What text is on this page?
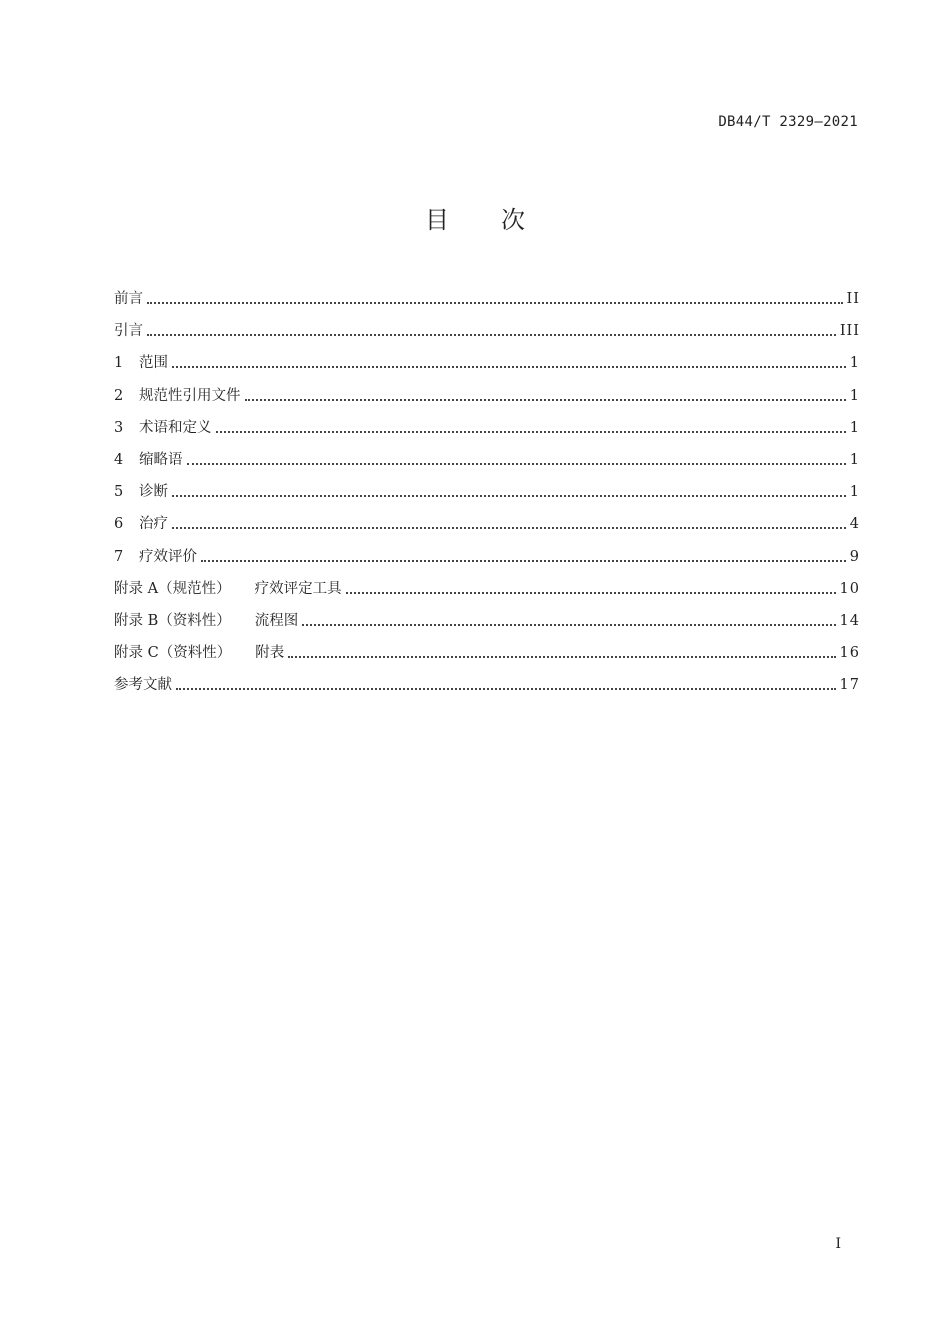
DB44/T 2329—2021
目 次
前言	II
引言	III
1	范围	1
2	规范性引用文件	1
3	术语和定义	1
4	缩略语	1
5	诊断	1
6	治疗	4
7	疗效评价	9
附录 A（规范性） 疗效评定工具	10
附录 B（资料性） 流程图	14
附录 C（资料性） 附表	16
参考文献	17
I
